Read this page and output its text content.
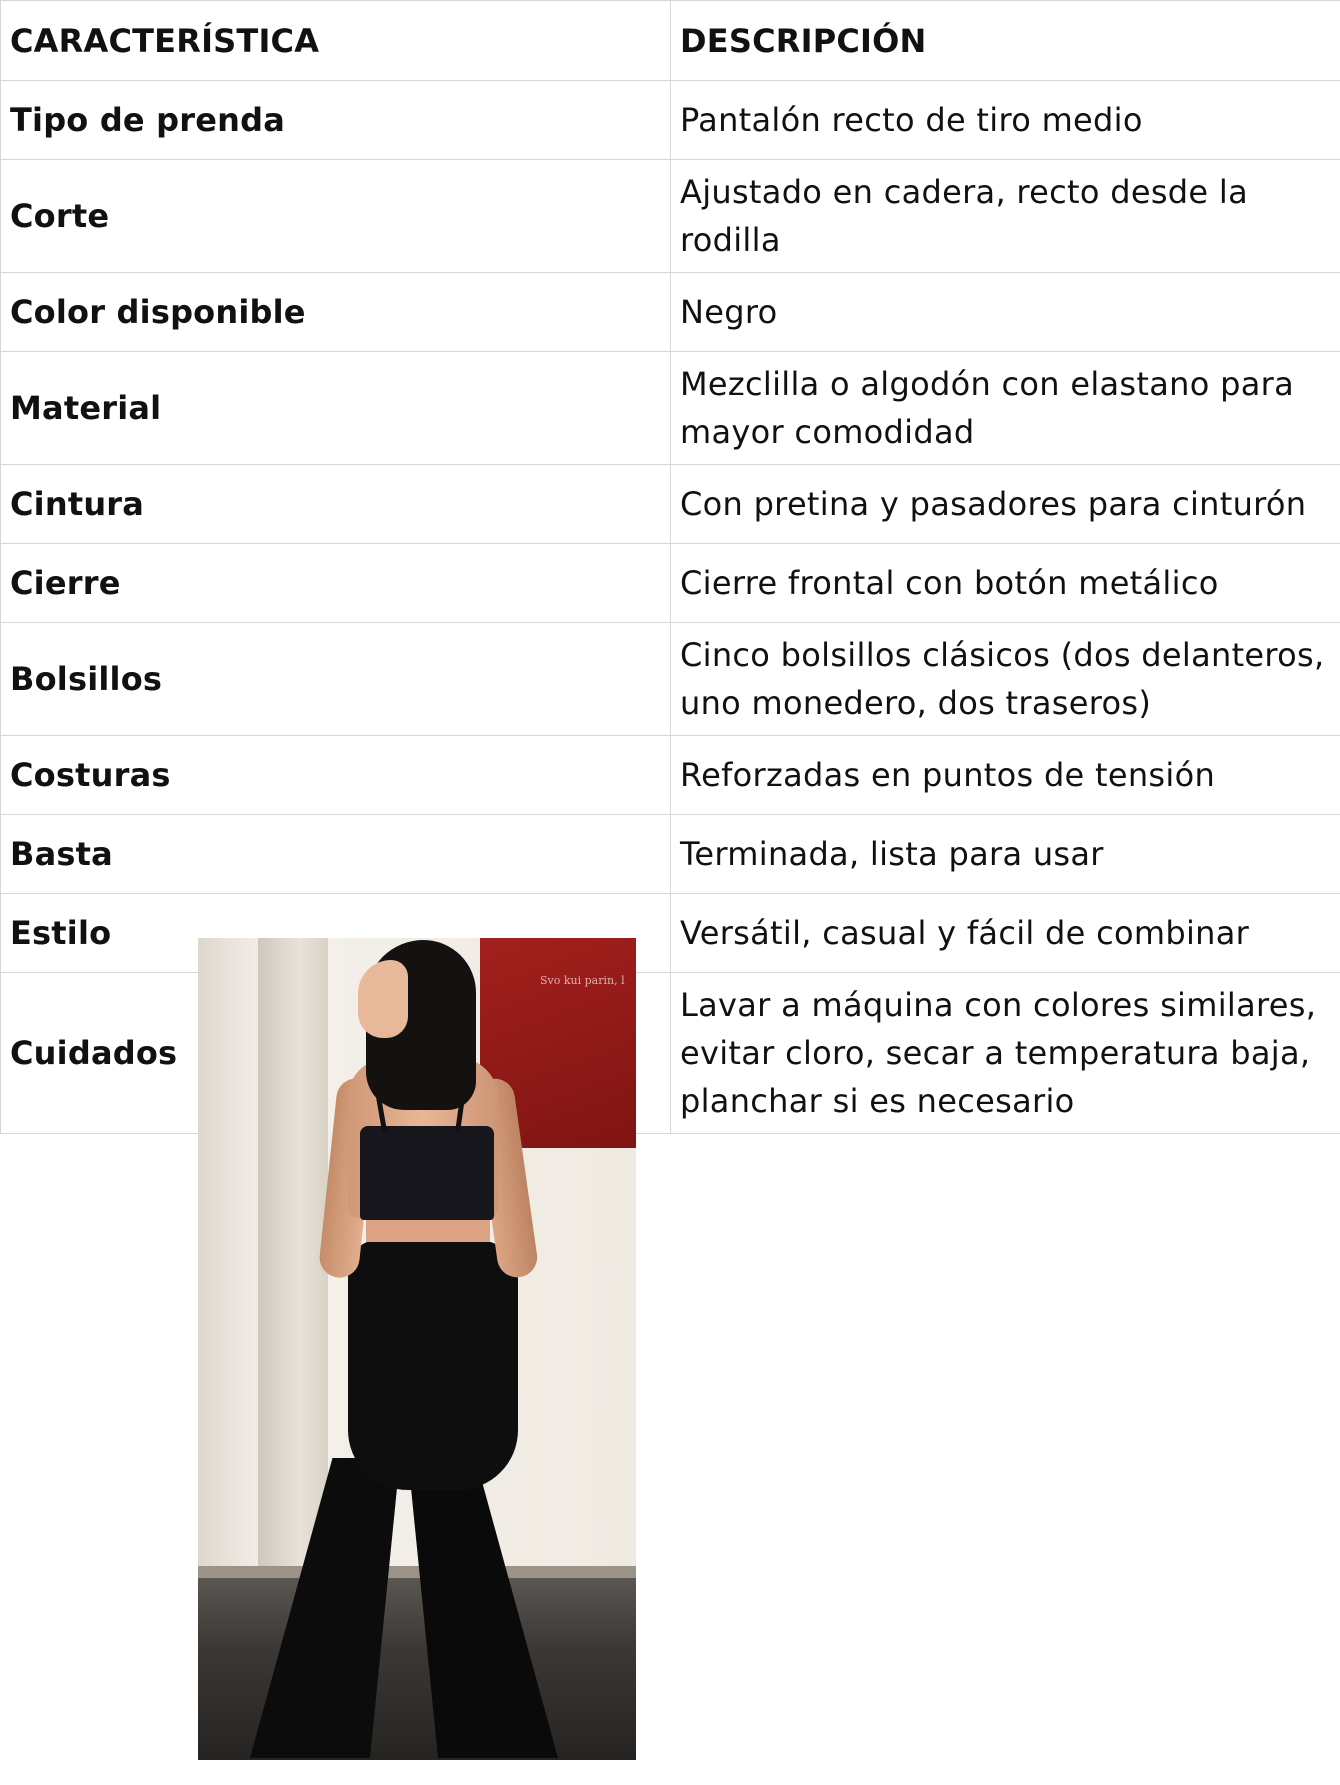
CARACTERÍSTICA	DESCRIPCIÓN
Tipo de prenda	Pantalón recto de tiro medio
Corte	Ajustado en cadera, recto desde la rodilla
Color disponible	Negro
Material	Mezclilla o algodón con elastano para mayor comodidad
Cintura	Con pretina y pasadores para cinturón
Cierre	Cierre frontal con botón metálico
Bolsillos	Cinco bolsillos clásicos (dos delanteros, uno monedero, dos traseros)
Costuras	Reforzadas en puntos de tensión
Basta	Terminada, lista para usar
Estilo	Versátil, casual y fácil de combinar
Cuidados	Lavar a máquina con colores similares, evitar cloro, secar a temperatura baja, planchar si es necesario
Svo kui parin, l
